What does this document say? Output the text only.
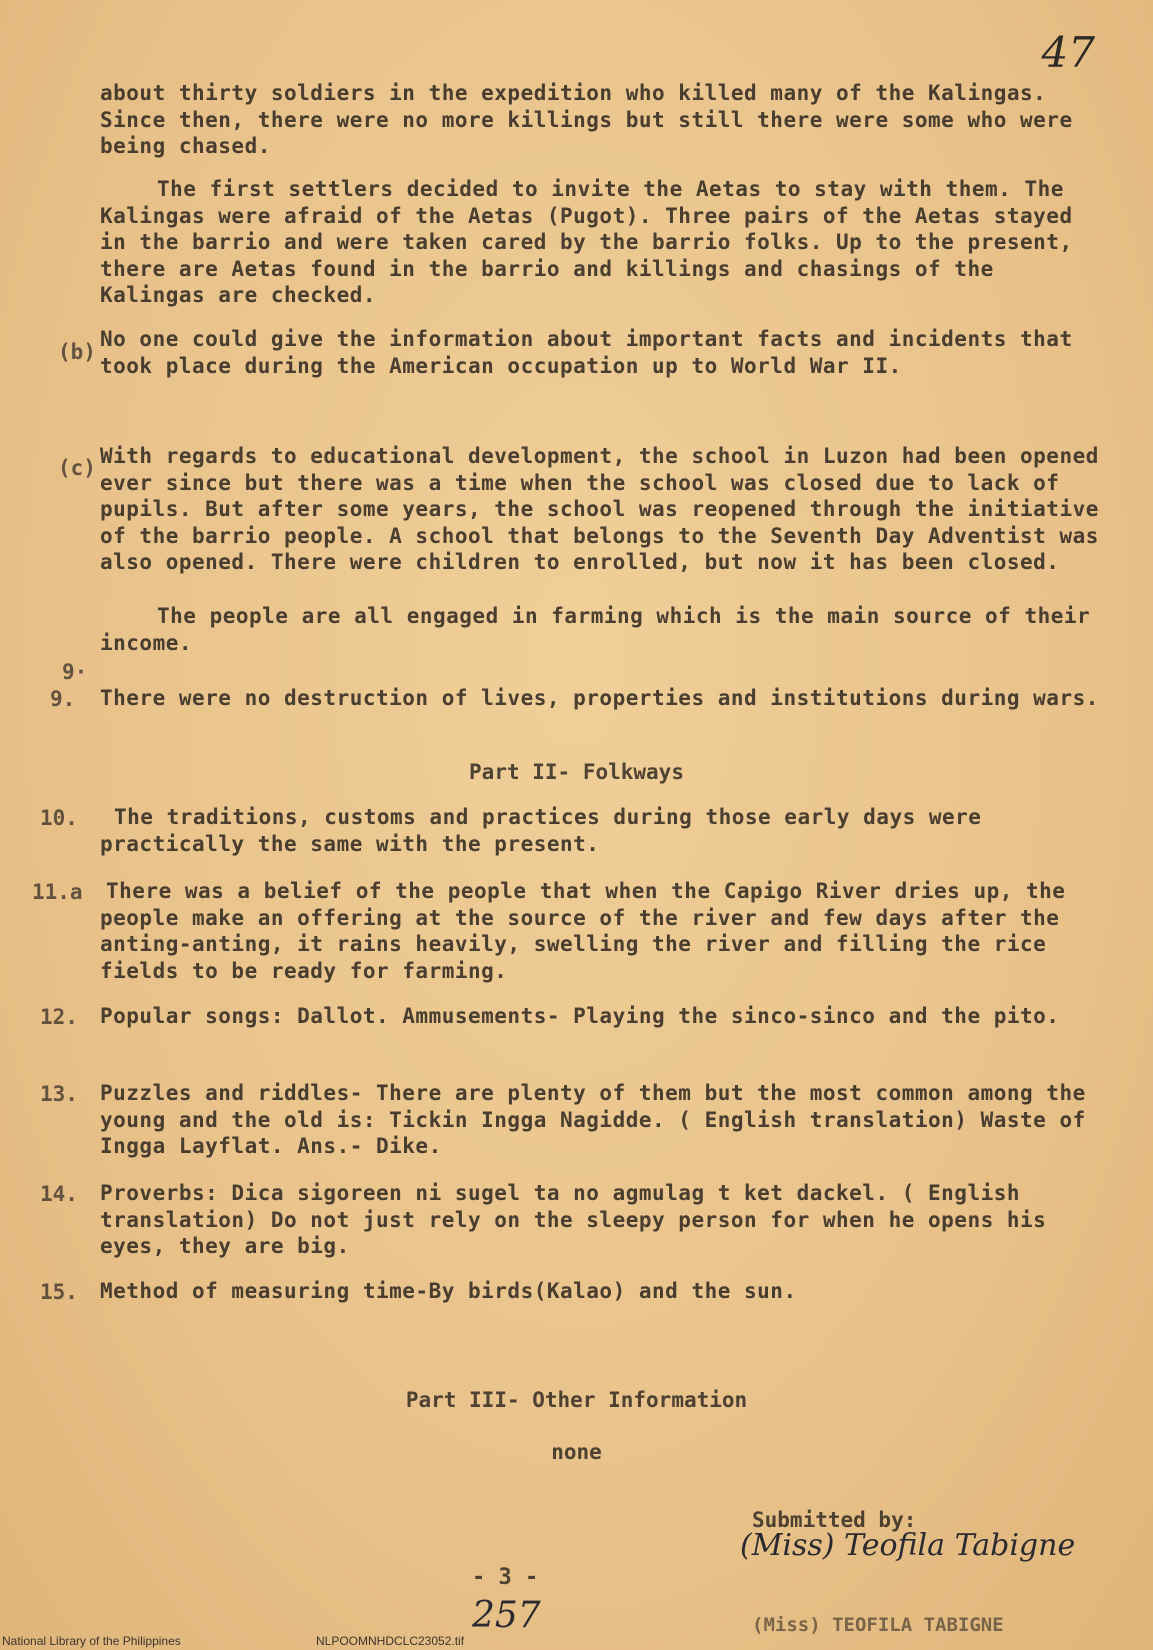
47
about thirty soldiers in the expedition who killed many of the Kalingas. Since then, there were no more killings but still there were some who were being chased.
The first settlers decided to invite the Aetas to stay with them. The Kalingas were afraid of the Aetas (Pugot). Three pairs of the Aetas stayed in the barrio and were taken cared by the barrio folks. Up to the present, there are Aetas found in the barrio and killings and chasings of the Kalingas are checked.
(b)
No one could give the information about important facts and incidents that took place during the American occupation up to World War II.
(c) With regards to educational development, the school in Luzon had been opened ever since but there was a time when the school was closed due to lack of pupils. But after some years, the school was reopened through the initiative of the barrio people. A school that belongs to the Seventh Day Adventist was also opened. There were children to enrolled, but now it has been closed.
The people are all engaged in farming which is the main source of their income.
9·
9. There were no destruction of lives, properties and institutions during wars.
Part II- Folkways
10.	The traditions, customs and practices during those early days were practically the same with the present.
11.a There was a belief of the people that when the Capigo River dries up, the people make an offering at the source of the river and few days after the anting-anting, it rains heavily, swelling the river and filling the rice fields to be ready for farming.
12. Popular songs: Dallot. Ammusements- Playing the sinco-sinco and the pito.
13. Puzzles and riddles- There are plenty of them but the most common among the young and the old is: Tickin Ingga Nagidde. ( English translation) Waste of Ingga Layflat. Ans.- Dike.
14. Proverbs: Dica sigoreen ni sugel ta no agmulag t ket dackel. ( English translation) Do not just rely on the sleepy person for when he opens his eyes, they are big.
15. Method of measuring time-By birds(Kalao) and the sun.
Part III- Other Information
none
Submitted by:
(Miss) Teofila Tabigne
(Miss) TEOFILA TABIGNE
- 3 -
257
National Library of the Philippines	NLPOOMNHDCLC23052.tif
